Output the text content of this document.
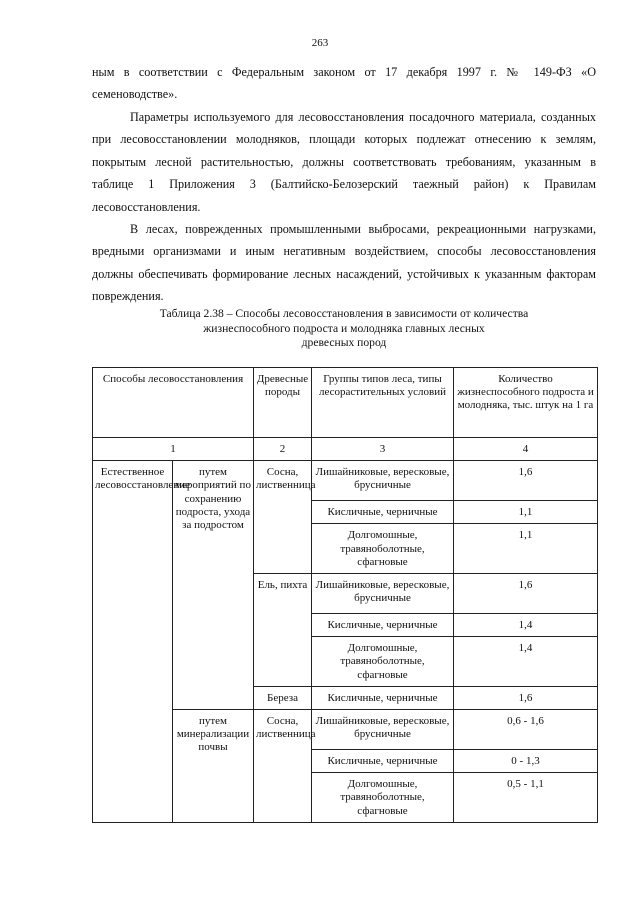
263

ным в соответствии с Федеральным законом от 17 декабря 1997 г. № 149-ФЗ «О семеноводстве».

Параметры используемого для лесовосстановления посадочного материала, созданных при лесовосстановлении молодняков, площади которых подлежат отнесению к землям, покрытым лесной растительностью, должны соответствовать требованиям, указанным в таблице 1 Приложения 3 (Балтийско-Белозерский таежный район) к Правилам лесовосстановления.

В лесах, поврежденных промышленными выбросами, рекреационными нагрузками, вредными организмами и иным негативным воздействием, способы лесовосстановления должны обеспечивать формирование лесных насаждений, устойчивых к указанным факторам повреждения.

Таблица 2.38 – Способы лесовосстановления в зависимости от количества
жизнеспособного подроста и молодняка главных лесных
древесных пород
Способы лесовосстановления		Древесные породы	Группы типов леса, типы лесорастительных условий	Количество жизнеспособного подроста и молодняка, тыс. штук на 1 га
1		2	3	4
Естественное лесовосстановление	путем мероприятий по сохранению подроста, ухода за подростом	Сосна, лиственница	Лишайниковые, вересковые, брусничные	1,6
			Кисличные, черничные	1,1
			Долгомошные, травяноболотные, сфагновые	1,1
		Ель, пихта	Лишайниковые, вересковые, брусничные	1,6
			Кисличные, черничные	1,4
			Долгомошные, травяноболотные, сфагновые	1,4
		Береза	Кисличные, черничные	1,6
	путем минерализации почвы	Сосна, лиственница	Лишайниковые, вересковые, брусничные	0,6 - 1,6
			Кисличные, черничные	0 - 1,3
			Долгомошные, травяноболотные, сфагновые	0,5 - 1,1
